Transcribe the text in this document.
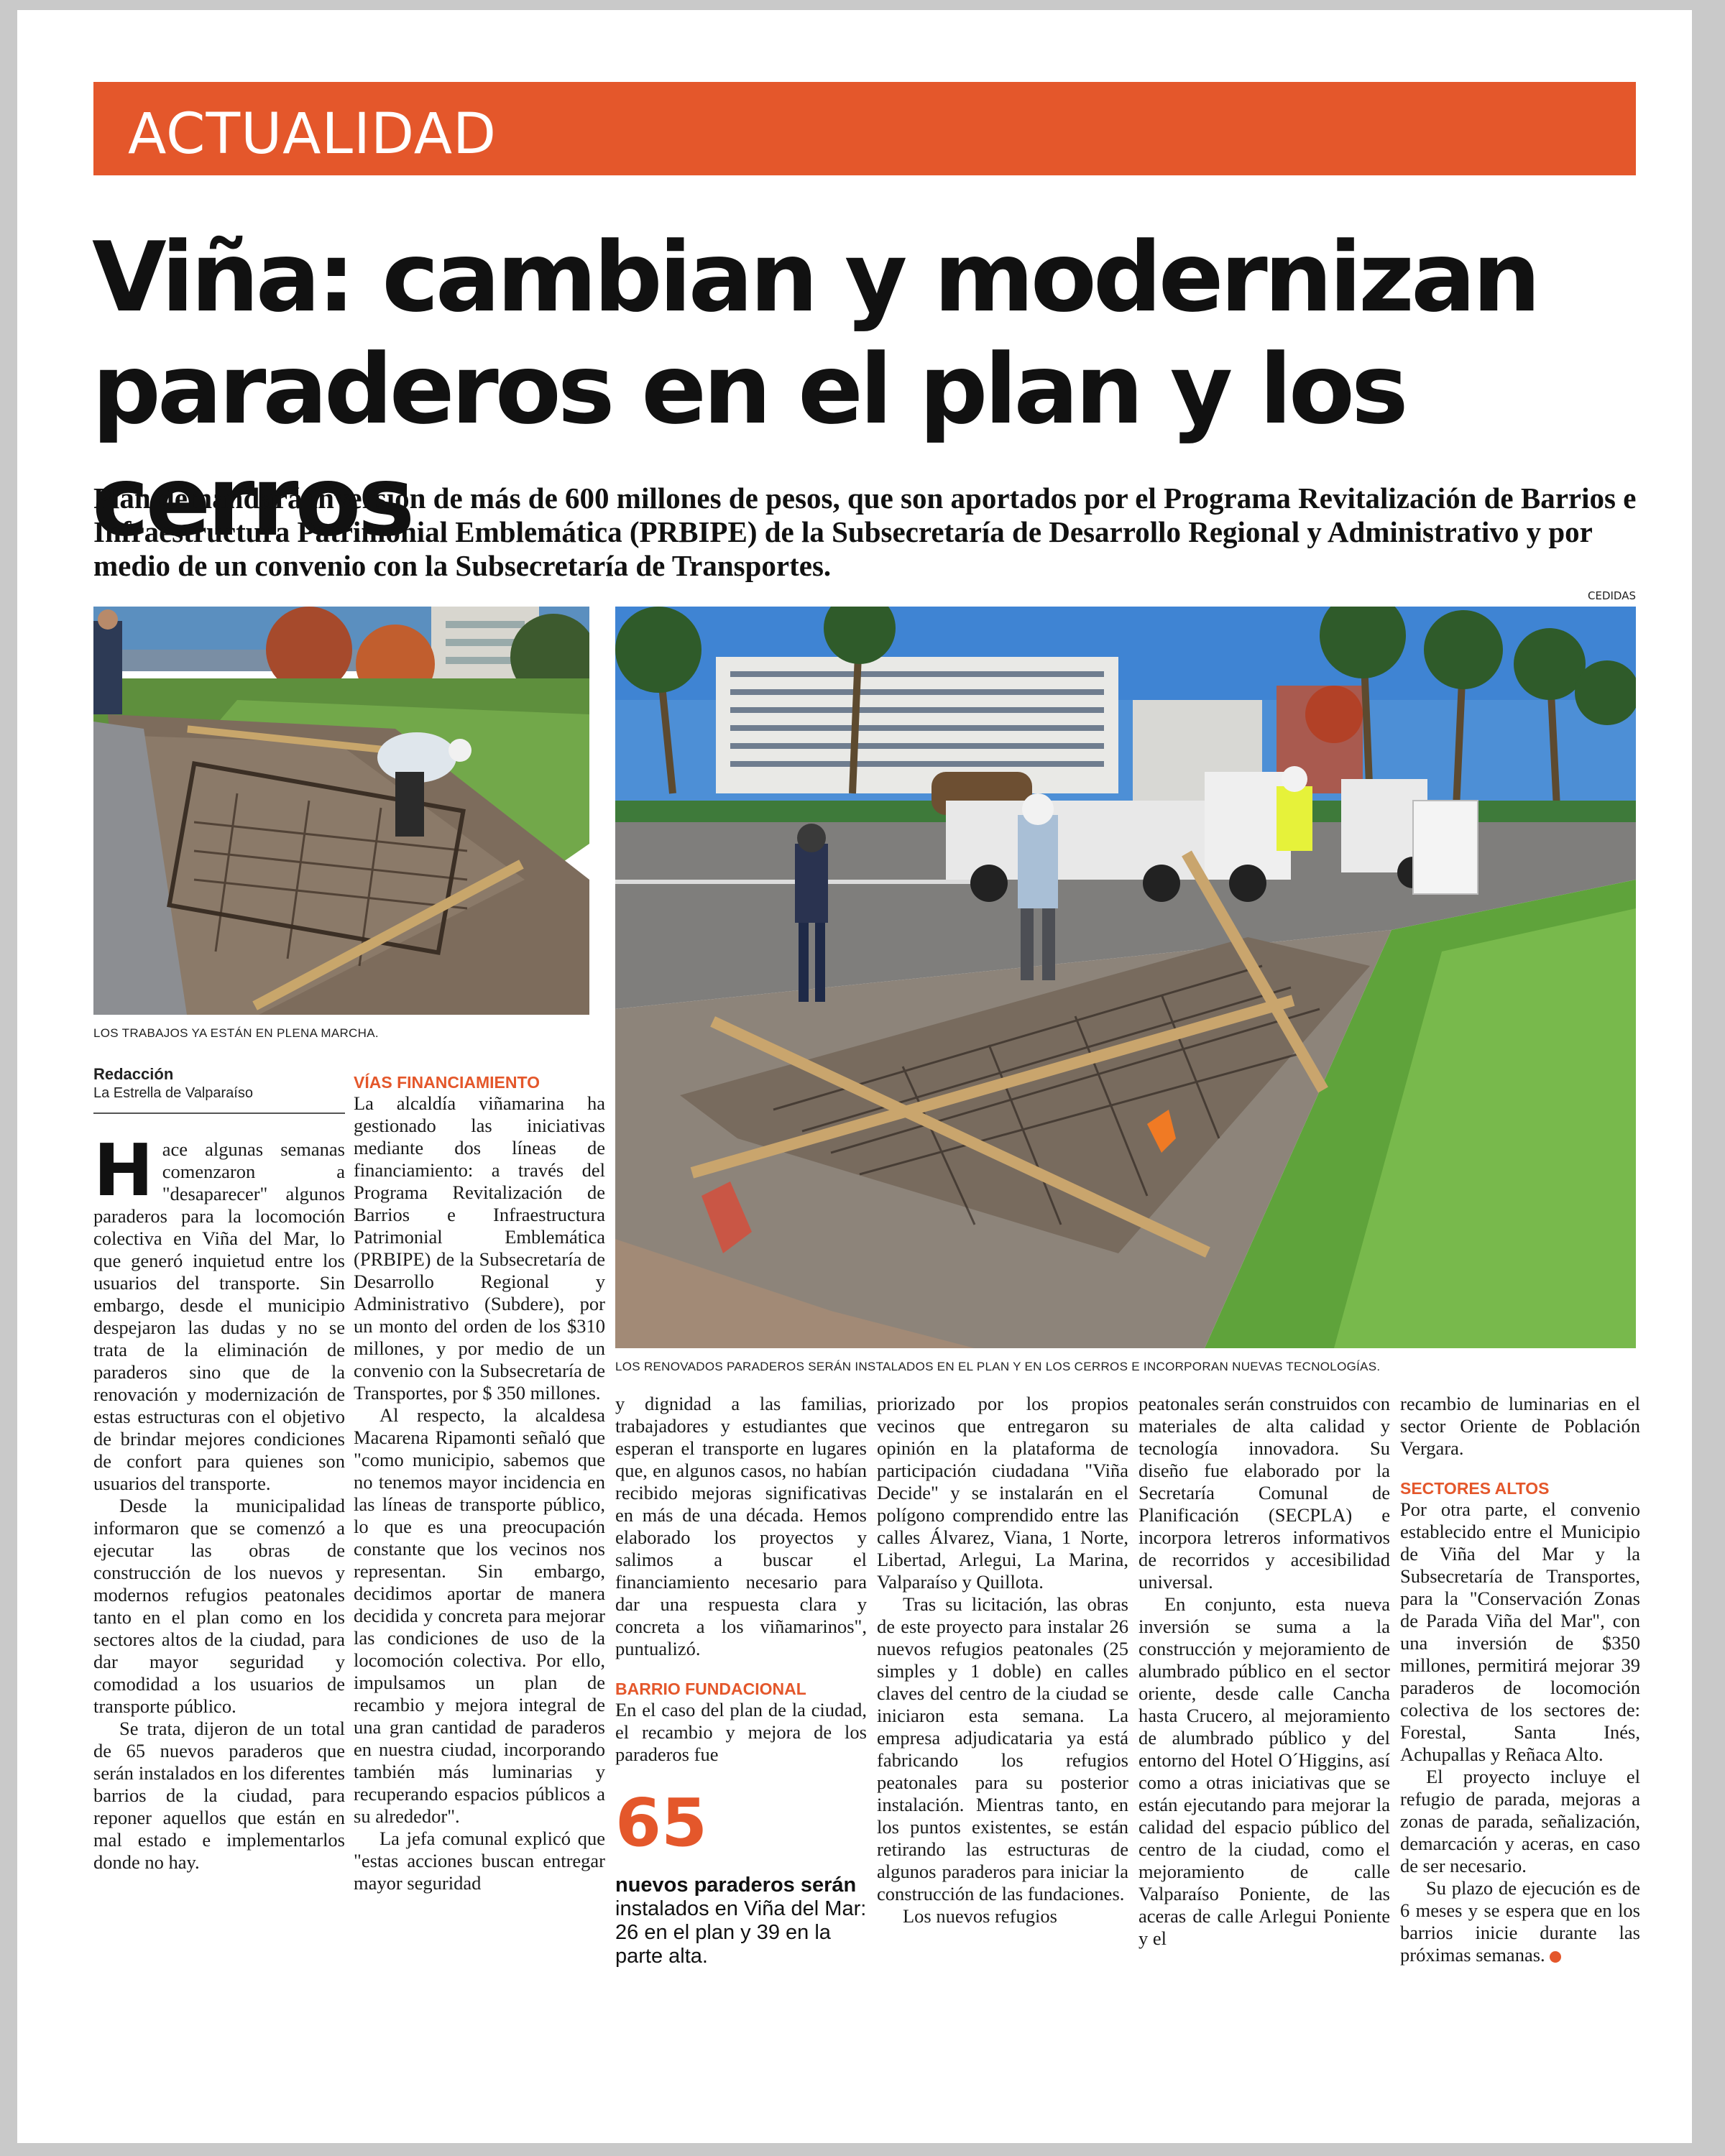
ACTUALIDAD
Viña: cambian y modernizan paraderos en el plan y los cerros

Plan demandará inversión de más de 600 millones de pesos, que son aportados por el Programa Revitalización de Barrios e Infraestructura Patrimonial Emblemática (PRBIPE) de la Subsecretaría de Desarrollo Regional y Administrativo y por medio de un convenio con la Subsecretaría de Transportes.

CEDIDAS
LOS TRABAJOS YA ESTÁN EN PLENA MARCHA.
LOS RENOVADOS PARADEROS SERÁN INSTALADOS EN EL PLAN Y EN LOS CERROS E INCORPORAN NUEVAS TECNOLOGÍAS.
Redacción
La Estrella de Valparaíso

Hace algunas semanas comenzaron a "desaparecer" algunos paraderos para la locomoción colectiva en Viña del Mar, lo que generó inquietud entre los usuarios del transporte. Sin embargo, desde el municipio despejaron las dudas y no se trata de la eliminación de paraderos sino que de la renovación y modernización de estas estructuras con el objetivo de brindar mejores condiciones de confort para quienes son usuarios del transporte.

Desde la municipalidad informaron que se comenzó a ejecutar las obras de construcción de los nuevos y modernos refugios peatonales tanto en el plan como en los sectores altos de la ciudad, para dar mayor seguridad y comodidad a los usuarios de transporte público.

Se trata, dijeron de un total de 65 nuevos paraderos que serán instalados en los diferentes barrios de la ciudad, para reponer aquellos que están en mal estado e implementarlos donde no hay.

VÍAS FINANCIAMIENTO

La alcaldía viñamarina ha gestionado las iniciativas mediante dos líneas de financiamiento: a través del Programa Revitalización de Barrios e Infraestructura Patrimonial Emblemática (PRBIPE) de la Subsecretaría de Desarrollo Regional y Administrativo (Subdere), por un monto del orden de los $310 millones, y por medio de un convenio con la Subsecretaría de Transportes, por $ 350 millones.

Al respecto, la alcaldesa Macarena Ripamonti señaló que "como municipio, sabemos que no tenemos mayor incidencia en las líneas de transporte público, lo que es una preocupación constante que los vecinos nos representan. Sin embargo, decidimos aportar de manera decidida y concreta para mejorar las condiciones de uso de la locomoción colectiva. Por ello, impulsamos un plan de recambio y mejora integral de una gran cantidad de paraderos en nuestra ciudad, incorporando también más luminarias y recuperando espacios públicos a su alrededor".

La jefa comunal explicó que "estas acciones buscan entregar mayor seguridad

y dignidad a las familias, trabajadores y estudiantes que esperan el transporte en lugares que, en algunos casos, no habían recibido mejoras significativas en más de una década. Hemos elaborado los proyectos y salimos a buscar el financiamiento necesario para dar una respuesta clara y concreta a los viñamarinos", puntualizó.

BARRIO FUNDACIONAL

En el caso del plan de la ciudad, el recambio y mejora de los paraderos fue

65
nuevos paraderos serán instalados en Viña del Mar: 26 en el plan y 39 en la parte alta.

priorizado por los propios vecinos que entregaron su opinión en la plataforma de participación ciudadana "Viña Decide" y se instalarán en el polígono comprendido entre las calles Álvarez, Viana, 1 Norte, Libertad, Arlegui, La Marina, Valparaíso y Quillota.

Tras su licitación, las obras de este proyecto para instalar 26 nuevos refugios peatonales (25 simples y 1 doble) en calles claves del centro de la ciudad se iniciaron esta semana. La empresa adjudicataria ya está fabricando los refugios peatonales para su posterior instalación. Mientras tanto, en los puntos existentes, se están retirando las estructuras de algunos paraderos para iniciar la construcción de las fundaciones.

Los nuevos refugios

peatonales serán construidos con materiales de alta calidad y tecnología innovadora. Su diseño fue elaborado por la Secretaría Comunal de Planificación (SECPLA) e incorpora letreros informativos de recorridos y accesibilidad universal.

En conjunto, esta nueva inversión se suma a la construcción y mejoramiento de alumbrado público en el sector oriente, desde calle Cancha hasta Crucero, al mejoramiento de alumbrado público y del entorno del Hotel O´Higgins, así como a otras iniciativas que se están ejecutando para mejorar la calidad del espacio público del centro de la ciudad, como el mejoramiento de calle Valparaíso Poniente, de las aceras de calle Arlegui Poniente y el

recambio de luminarias en el sector Oriente de Población Vergara.

SECTORES ALTOS

Por otra parte, el convenio establecido entre el Municipio de Viña del Mar y la Subsecretaría de Transportes, para la "Conservación Zonas de Parada Viña del Mar", con una inversión de $350 millones, permitirá mejorar 39 paraderos de locomoción colectiva de los sectores de: Forestal, Santa Inés, Achupallas y Reñaca Alto.

El proyecto incluye el refugio de parada, mejoras a zonas de parada, señalización, demarcación y aceras, en caso de ser necesario.

Su plazo de ejecución es de 6 meses y se espera que en los barrios inicie durante las próximas semanas.
